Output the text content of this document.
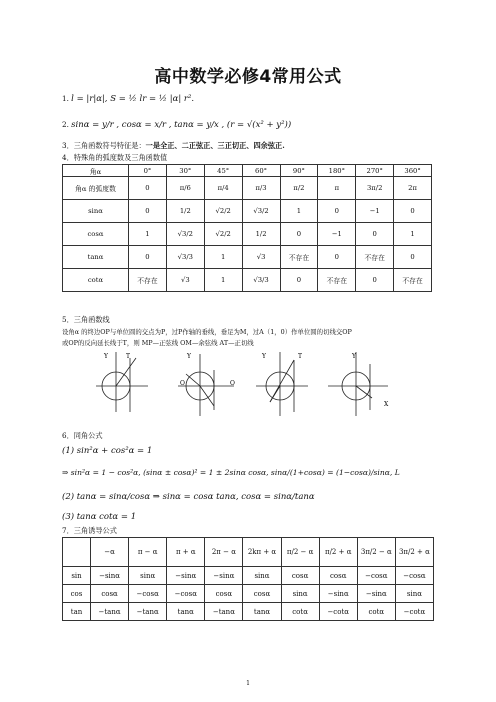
高中数学必修4常用公式
1. l = |r|α|, S = ½ lr = ½ |α| r².
2. sinα = y/r , cosα = x/r , tanα = y/x , (r = √(x² + y²))
3．三角函数符号特征是：一是全正、二正弦正、三正切正、四余弦正.
4．特殊角的弧度数及三角函数值
角α	0°	30°	45°	60°	90°	180°	270°	360°
角α 的弧度数	0	π/6	π/4	π/3	π/2	π	3π/2	2π
sinα	0	1/2	√2/2	√3/2	1	0	−1	0
cosα	1	√3/2	√2/2	1/2	0	−1	0	1
tanα	0	√3/3	1	√3	不存在	0	不存在	0
cotα	不存在	√3	1	√3/3	0	不存在	0	不存在
5．三角函数线
设角α 的终边OP与单位圆的交点为P，过P作轴的垂线，垂足为M，过A（1，0）作单位圆的切线交OP
或OP的反向延长线于T，则 MP—正弦线 OM—余弦线 AT—正切线
Y	T	Y
O	O
Y	T	Y
X
6．同角公式
(1) sin²α + cos²α = 1
⇒ sin²α = 1 − cos²α, (sinα ± cosα)² = 1 ± 2sinα cosα, sinα/(1+cosα) = (1−cosα)/sinα, L
(2) tanα = sinα/cosα ⇒ sinα = cosα tanα, cosα = sinα/tanα
(3) tanα cotα = 1
7．三角诱导公式
	−α	π − α	π + α	2π − α	2kπ + α	π/2 − α	π/2 + α	3π/2 − α	3π/2 + α
sin	−sinα	sinα	−sinα	−sinα	sinα	cosα	cosα	−cosα	−cosα
cos	cosα	−cosα	−cosα	cosα	cosα	sinα	−sinα	−sinα	sinα
tan	−tanα	−tanα	tanα	−tanα	tanα	cotα	−cotα	cotα	−cotα
1
